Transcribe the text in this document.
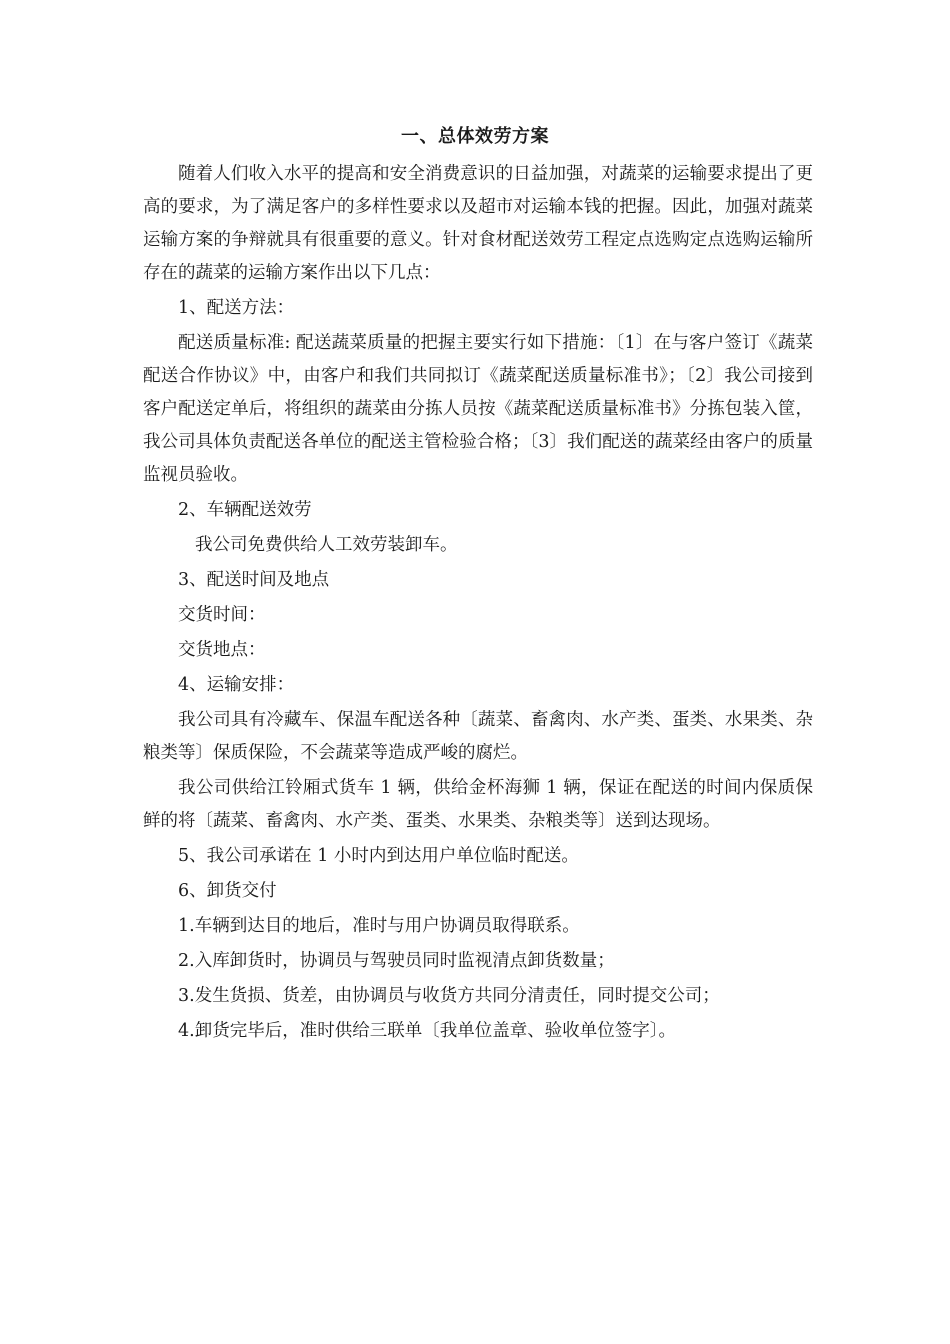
一、总体效劳方案

随着人们收入水平的提高和安全消费意识的日益加强，对蔬菜的运输要求提出了更高的要求，为了满足客户的多样性要求以及超市对运输本钱的把握。因此，加强对蔬菜运输方案的争辩就具有很重要的意义。针对食材配送效劳工程定点选购定点选购运输所存在的蔬菜的运输方案作出以下几点：

1、配送方法：

配送质量标准: 配送蔬菜质量的把握主要实行如下措施：〔1〕在与客户签订《蔬菜配送合作协议》中，由客户和我们共同拟订《蔬菜配送质量标准书》；〔2〕我公司接到客户配送定单后，将组织的蔬菜由分拣人员按《蔬菜配送质量标准书》分拣包装入筐，我公司具体负责配送各单位的配送主管检验合格；〔3〕我们配送的蔬菜经由客户的质量监视员验收。

2、车辆配送效劳

我公司免费供给人工效劳装卸车。

3、配送时间及地点

交货时间：

交货地点：

4、运输安排：

我公司具有冷藏车、保温车配送各种〔蔬菜、畜禽肉、水产类、蛋类、水果类、杂粮类等〕保质保险，不会蔬菜等造成严峻的腐烂。

我公司供给江铃厢式货车 1 辆，供给金杯海狮 1 辆，保证在配送的时间内保质保鲜的将〔蔬菜、畜禽肉、水产类、蛋类、水果类、杂粮类等〕送到达现场。

5、我公司承诺在 1 小时内到达用户单位临时配送。

6、卸货交付

1.车辆到达目的地后，准时与用户协调员取得联系。

2.入库卸货时，协调员与驾驶员同时监视清点卸货数量；

3.发生货损、货差，由协调员与收货方共同分清责任，同时提交公司；

4.卸货完毕后，准时供给三联单〔我单位盖章、验收单位签字〕。
